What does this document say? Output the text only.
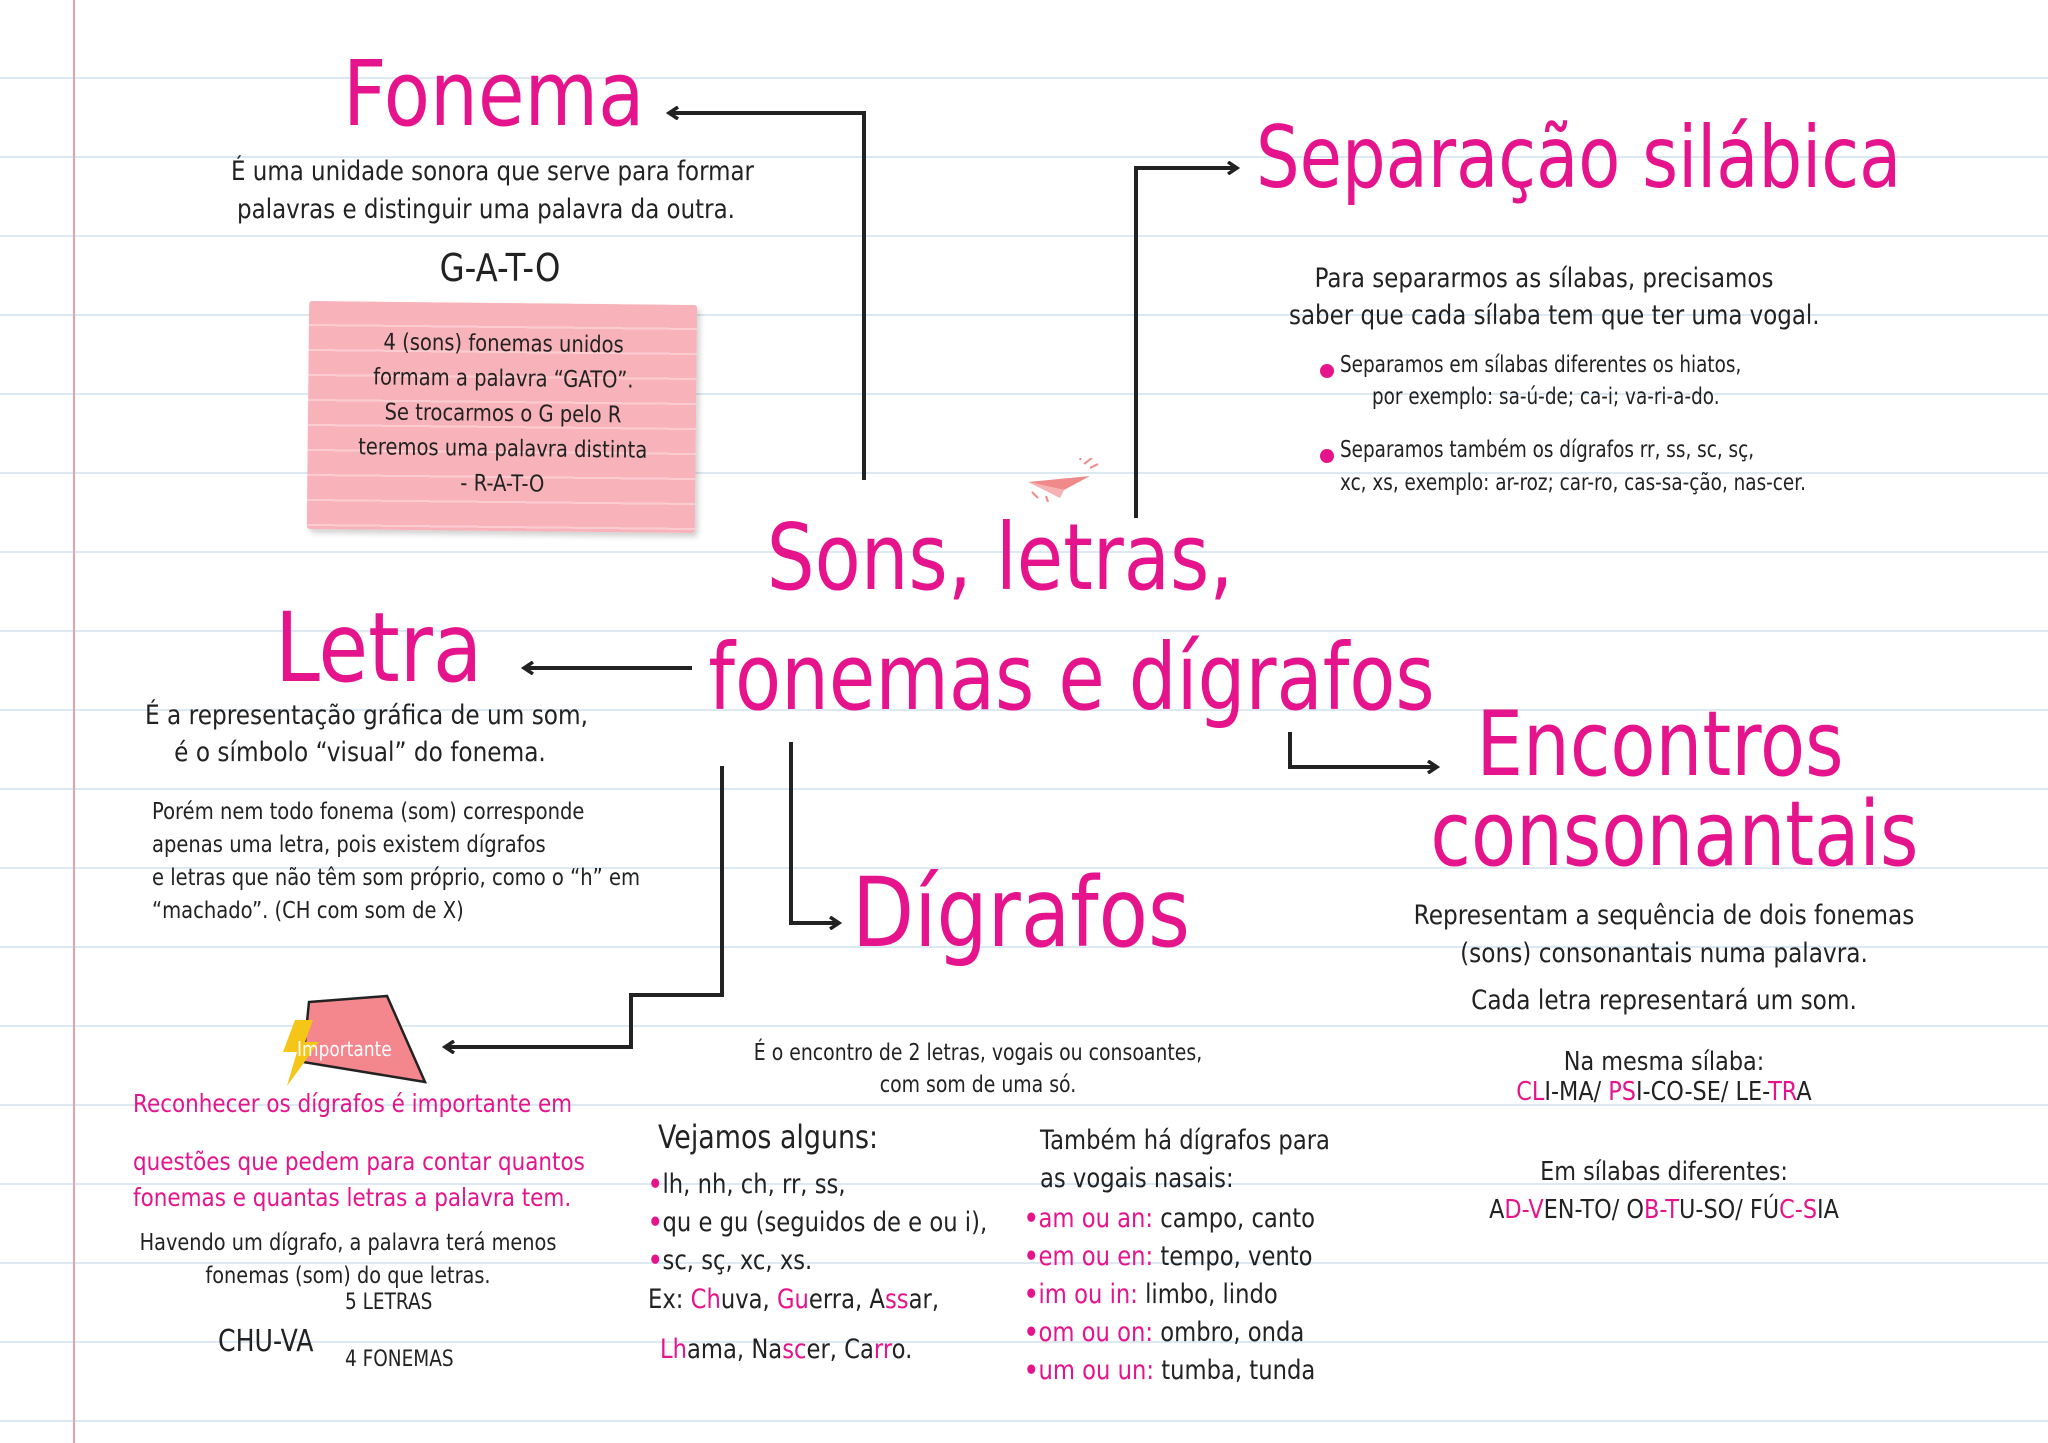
Sons, letras,
fonemas e dígrafos
Fonema
É uma unidade sonora que serve para formar
palavras e distinguir uma palavra da outra.
G-A-T-O
4 (sons) fonemas unidos
formam a palavra “GATO”.
Se trocarmos o G pelo R
teremos uma palavra distinta
- R-A-T-O
Separação silábica
Para separarmos as sílabas, precisamos
saber que cada sílaba tem que ter uma vogal.
Separamos em sílabas diferentes os hiatos,
por exemplo: sa-ú-de; ca-i; va-ri-a-do.
Separamos também os dígrafos rr, ss, sc, sç,
xc, xs, exemplo: ar-roz; car-ro, cas-sa-ção, nas-cer.
Letra
É a representação gráfica de um som,
é o símbolo “visual” do fonema.
Porém nem todo fonema (som) corresponde
apenas uma letra, pois existem dígrafos
e letras que não têm som próprio, como o “h” em
“machado”. (CH com som de X)
Encontros
consonantais
Representam a sequência de dois fonemas
(sons) consonantais numa palavra.
Cada letra representará um som.
Na mesma sílaba:
CLI-MA/ PSI-CO-SE/ LE-TRA
Em sílabas diferentes:
AD-VEN-TO/ OB-TU-SO/ FÚC-SIA
Dígrafos
É o encontro de 2 letras, vogais ou consoantes,
com som de uma só.
Vejamos alguns:
•lh, nh, ch, rr, ss,
•qu e gu (seguidos de e ou i),
•sc, sç, xc, xs.
Ex: Chuva, Guerra, Assar,
Lhama, Nascer, Carro.
Também há dígrafos para
as vogais nasais:
•am ou an: campo, canto
•em ou en: tempo, vento
•im ou in: limbo, lindo
•om ou on: ombro, onda
•um ou un: tumba, tunda
Importante
Reconhecer os dígrafos é importante em
questões que pedem para contar quantos
fonemas e quantas letras a palavra tem.
Havendo um dígrafo, a palavra terá menos
fonemas (som) do que letras.
5 LETRAS
CHU-VA
4 FONEMAS
